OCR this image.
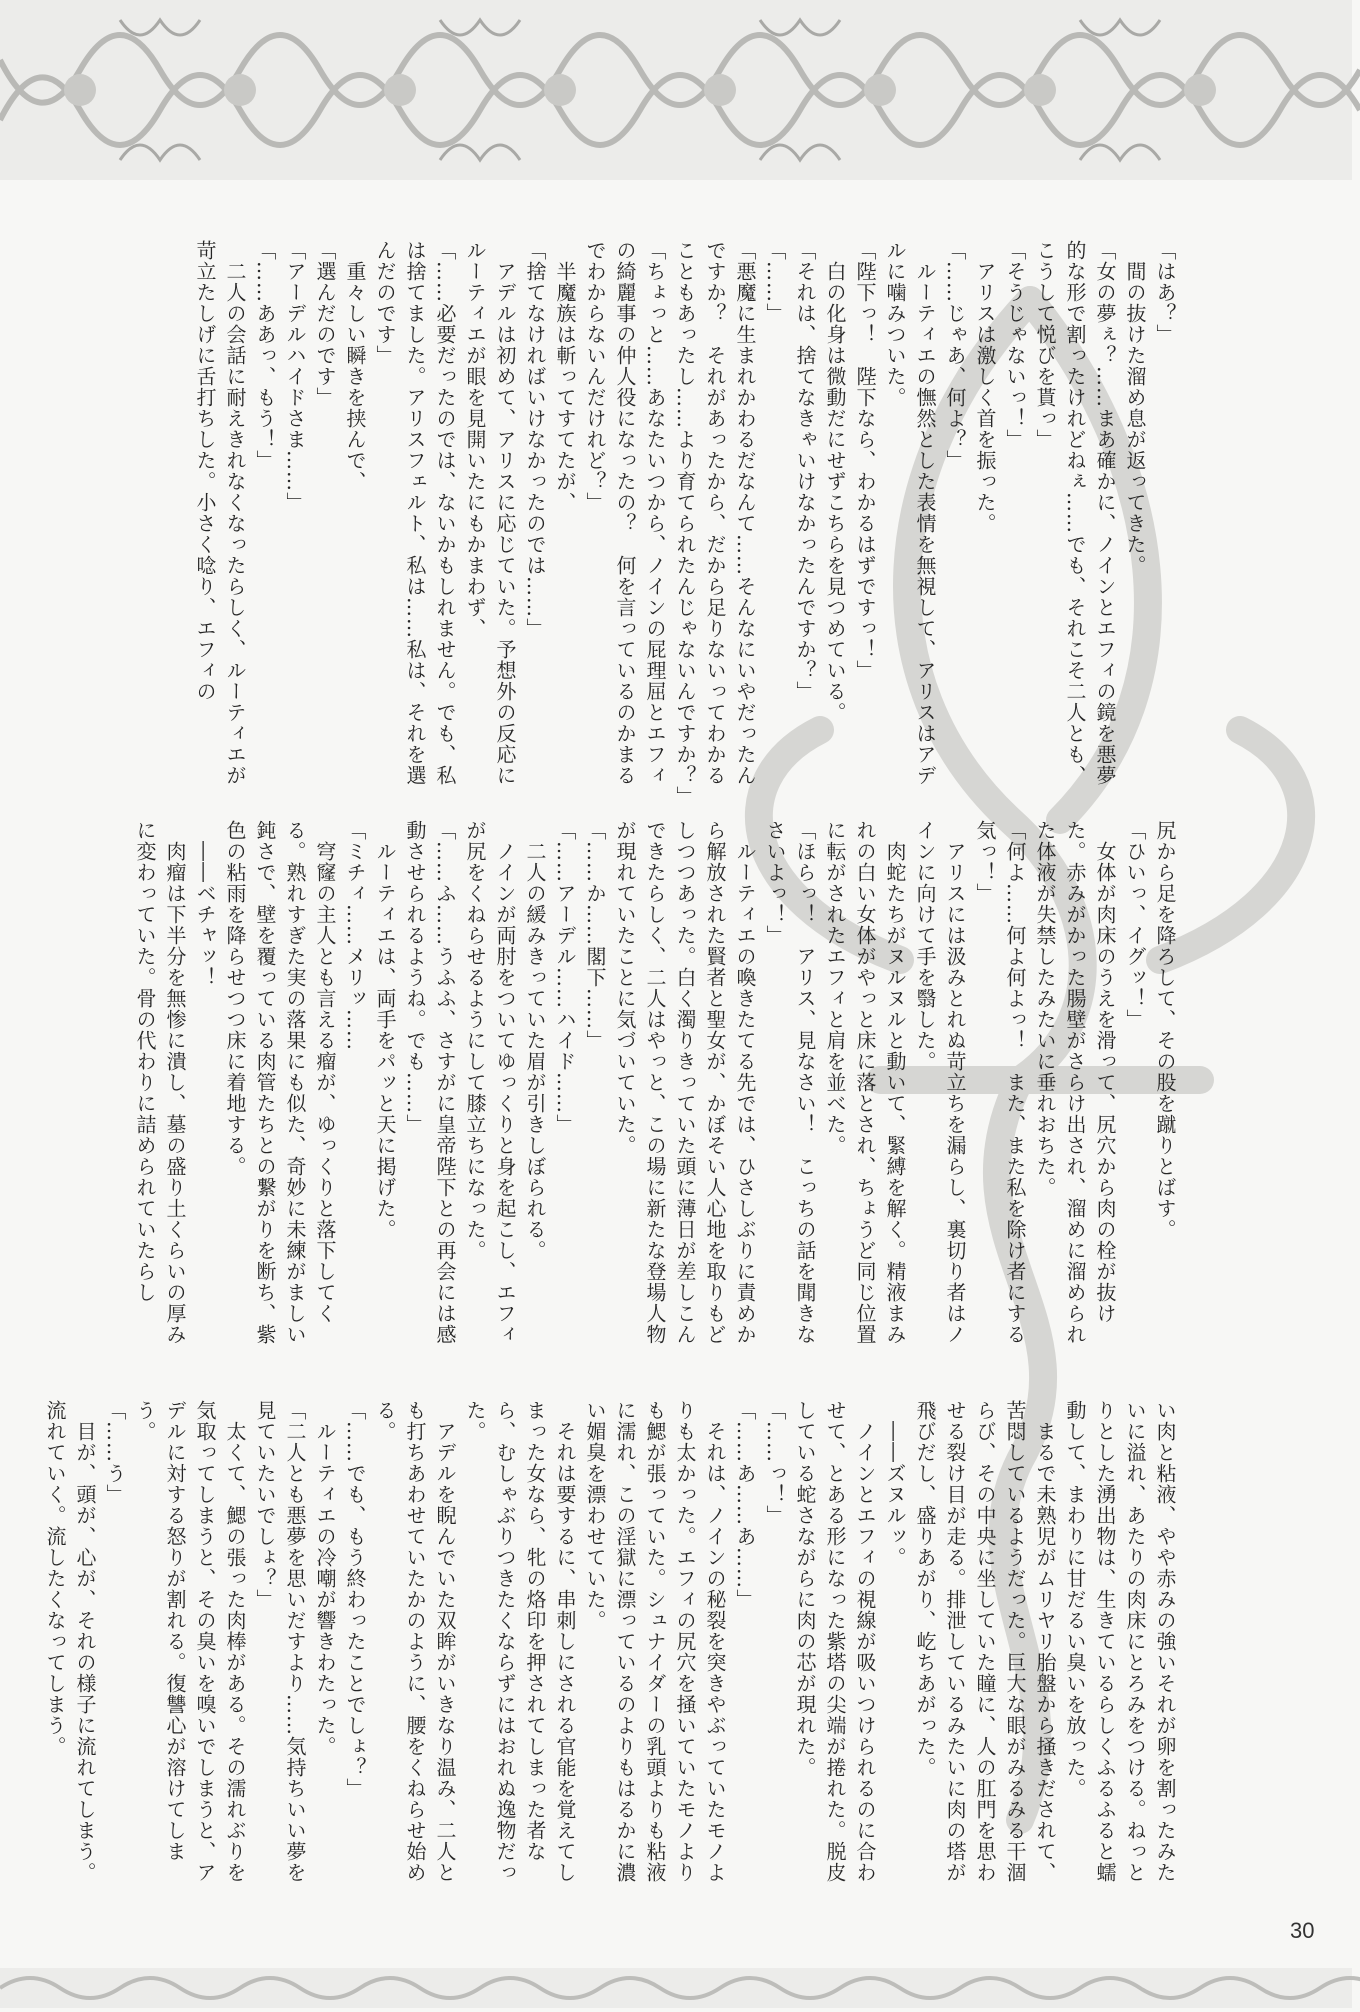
「はあ？」

　間の抜けた溜め息が返ってきた。

「女の夢ぇ？……まあ確かに、ノインとエフィの鏡を悪夢的な形で割ったけれどねぇ……でも、それこそ二人とも、こうして悦びを貰っ」

「そうじゃないっ！」

　アリスは激しく首を振った。

「……じゃあ、何よ？」

　ルーティエの憮然とした表情を無視して、アリスはアデルに噛みついた。

「陛下っ！　陛下なら、わかるはずですっ！」

　白の化身は微動だにせずこちらを見つめている。

「それは、捨てなきゃいけなかったんですか？」

「……」

「悪魔に生まれかわるだなんて……そんなにいやだったんですか？　それがあったから、だから足りないってわかることもあったし……より育てられたんじゃないんですか？」

「ちょっと……あなたいつから、ノインの屁理屈とエフィの綺麗事の仲人役になったの？　何を言っているのかまるでわからないんだけれど？」

　半魔族は斬ってすてたが、

「捨てなければいけなかったのでは……」

　アデルは初めて、アリスに応じていた。予想外の反応にルーティエが眼を見開いたにもかまわず、

「……必要だったのでは、ないかもしれません。でも、私は捨てました。アリスフェルト、私は……私は、それを選んだのです」

　重々しい瞬きを挟んで、

「選んだのです」

「アーデルハイドさま……」

「……ああっ、もう！」

　二人の会話に耐えきれなくなったらしく、ルーティエが苛立たしげに舌打ちした。小さく唸り、エフィの

尻から足を降ろして、その股を蹴りとばす。

「ひいっ、イグッ！」

　女体が肉床のうえを滑って、尻穴から肉の栓が抜けた。赤みがかった腸壁がさらけ出され、溜めに溜められた体液が失禁したみたいに垂れおちた。

「何よ……何よ何よっ！　また、また私を除け者にする気っ！」

　アリスには汲みとれぬ苛立ちを漏らし、裏切り者はノインに向けて手を翳した。

　肉蛇たちがヌルヌルと動いて、緊縛を解く。精液まみれの白い女体がやっと床に落とされ、ちょうど同じ位置に転がされたエフィと肩を並べた。

「ほらっ！　アリス、見なさい！　こっちの話を聞きなさいよっ！」

　ルーティエの喚きたてる先では、ひさしぶりに責めから解放された賢者と聖女が、かぼそい人心地を取りもどしつつあった。白く濁りきっていた頭に薄日が差しこんできたらしく、二人はやっと、この場に新たな登場人物が現れていたことに気づいていた。

「……か……閣下……」

「……アーデル……ハイド……」

　二人の緩みきっていた眉が引きしぼられる。

　ノインが両肘をついてゆっくりと身を起こし、エフィが尻をくねらせるようにして膝立ちになった。

「……ふ……うふふ、さすがに皇帝陛下との再会には感動させられるようね。でも……」

　ルーティエは、両手をパッと天に掲げた。

「ミチィ……メリッ……

　穹窿の主人とも言える瘤が、ゆっくりと落下してくる。熟れすぎた実の落果にも似た、奇妙に未練がましい鈍さで、壁を覆っている肉管たちとの繋がりを断ち、紫色の粘雨を降らせつつ床に着地する。

　――ベチャッ！

　肉瘤は下半分を無惨に潰し、墓の盛り土くらいの厚みに変わっていた。骨の代わりに詰められていたらし

い肉と粘液、やや赤みの強いそれが卵を割ったみたいに溢れ、あたりの肉床にとろみをつける。ねっとりとした湧出物は、生きているらしくふるふると蠕動して、まわりに甘だるい臭いを放った。

　まるで未熟児がムリヤリ胎盤から掻きだされて、苦悶しているようだった。巨大な眼がみるみる干涸らび、その中央に坐していた瞳に、人の肛門を思わせる裂け目が走る。排泄しているみたいに肉の塔が飛びだし、盛りあがり、屹ちあがった。

　――ズヌルッ。

　ノインとエフィの視線が吸いつけられるのに合わせて、とある形になった紫塔の尖端が捲れた。脱皮している蛇さながらに肉の芯が現れた。

「……っ！」

「……あ……あ……」

　それは、ノインの秘裂を突きやぶっていたモノよりも太かった。エフィの尻穴を掻いていたモノよりも鰓が張っていた。シュナイダーの乳頭よりも粘液に濡れ、この淫獄に漂っているのよりもはるかに濃い媚臭を漂わせていた。

　それは要するに、串刺しにされる官能を覚えてしまった女なら、牝の烙印を押されてしまった者なら、むしゃぶりつきたくならずにはおれぬ逸物だった。

　アデルを睨んでいた双眸がいきなり温み、二人とも打ちあわせていたかのように、腰をくねらせ始める。

「……でも、もう終わったことでしょ？」

　ルーティエの冷嘲が響きわたった。

「二人とも悪夢を思いだすより……気持ちいい夢を見ていたいでしょ？」

　太くて、鰓の張った肉棒がある。その濡れぶりを気取ってしまうと、その臭いを嗅いでしまうと、アデルに対する怒りが割れる。復讐心が溶けてしまう。

「……う」

　目が、頭が、心が、それの様子に流れてしまう。流れていく。流したくなってしまう。

30
